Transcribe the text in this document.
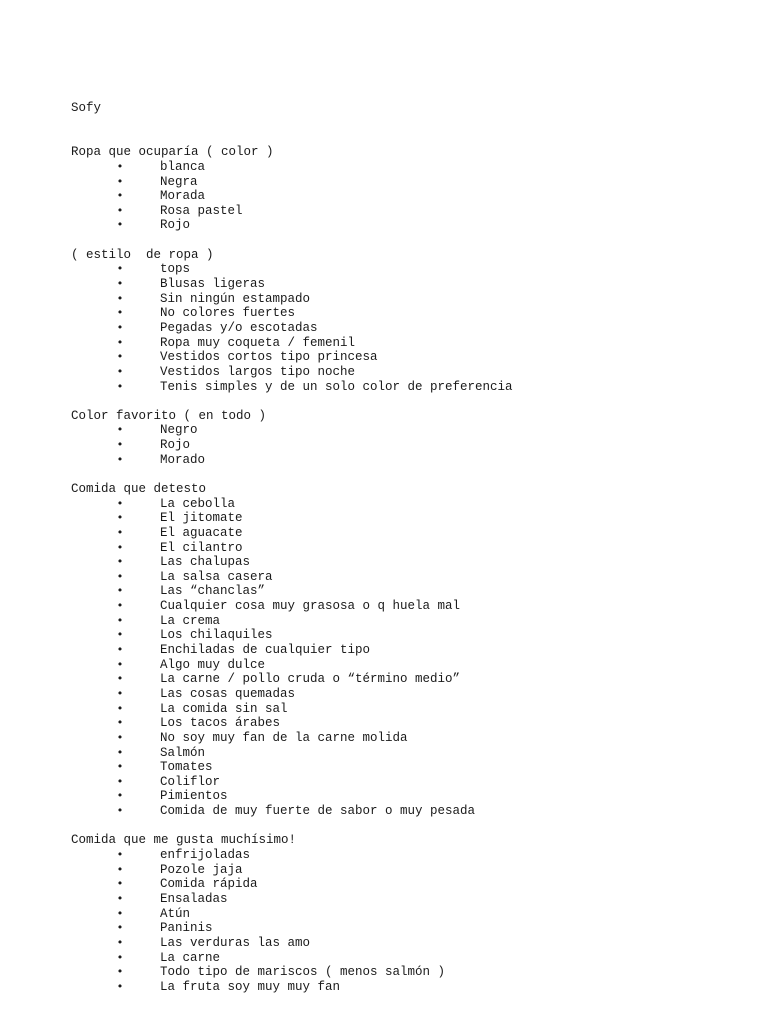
Sofy

Ropa que ocuparía ( color )
•	blanca
•	Negra
•	Morada
•	Rosa pastel
•	Rojo
( estilo  de ropa )
•	tops
•	Blusas ligeras
•	Sin ningún estampado
•	No colores fuertes
•	Pegadas y/o escotadas
•	Ropa muy coqueta / femenil
•	Vestidos cortos tipo princesa
•	Vestidos largos tipo noche
•	Tenis simples y de un solo color de preferencia
Color favorito ( en todo )
•	Negro
•	Rojo
•	Morado
Comida que detesto
•	La cebolla
•	El jitomate
•	El aguacate
•	El cilantro
•	Las chalupas
•	La salsa casera
•	Las “chanclas”
•	Cualquier cosa muy grasosa o q huela mal
•	La crema
•	Los chilaquiles
•	Enchiladas de cualquier tipo
•	Algo muy dulce
•	La carne / pollo cruda o “término medio”
•	Las cosas quemadas
•	La comida sin sal
•	Los tacos árabes
•	No soy muy fan de la carne molida
•	Salmón
•	Tomates
•	Coliflor
•	Pimientos
•	Comida de muy fuerte de sabor o muy pesada
Comida que me gusta muchísimo!
•	enfrijoladas
•	Pozole jaja
•	Comida rápida
•	Ensaladas
•	Atún
•	Paninis
•	Las verduras las amo
•	La carne
•	Todo tipo de mariscos ( menos salmón )
•	La fruta soy muy muy fan
